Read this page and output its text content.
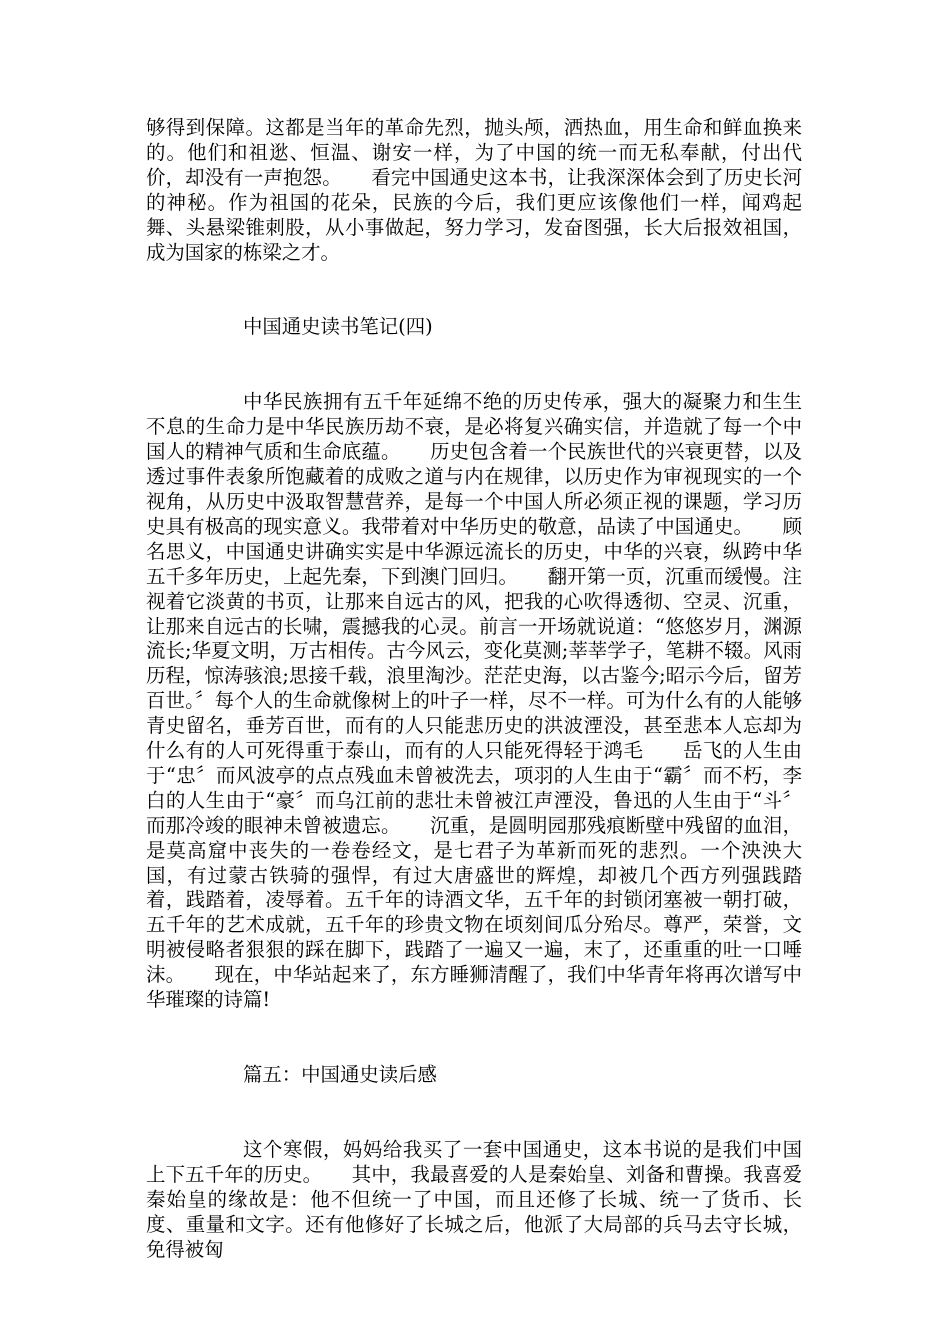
够得到保障。这都是当年的革命先烈，抛头颅，洒热血，用生命和鲜血换来的。他们和祖逖、恒温、谢安一样，为了中国的统一而无私奉献，付出代价，却没有一声抱怨。　　看完中国通史这本书，让我深深体会到了历史长河的神秘。作为祖国的花朵，民族的今后，我们更应该像他们一样，闻鸡起舞、头悬梁锥刺股，从小事做起，努力学习，发奋图强，长大后报效祖国，成为国家的栋梁之才。

中国通史读书笔记(四)

中华民族拥有五千年延绵不绝的历史传承，强大的凝聚力和生生不息的生命力是中华民族历劫不衰，是必将复兴确实信，并造就了每一个中国人的精神气质和生命底蕴。　　历史包含着一个民族世代的兴衰更替，以及透过事件表象所饱藏着的成败之道与内在规律，以历史作为审视现实的一个视角，从历史中汲取智慧营养，是每一个中国人所必须正视的课题，学习历史具有极高的现实意义。我带着对中华历史的敬意，品读了中国通史。　　顾名思义，中国通史讲确实实是中华源远流长的历史，中华的兴衰，纵跨中华五千多年历史，上起先秦，下到澳门回归。　　翻开第一页，沉重而缓慢。注视着它淡黄的书页，让那来自远古的风，把我的心吹得透彻、空灵、沉重，让那来自远古的长啸，震撼我的心灵。前言一开场就说道：“悠悠岁月，渊源流长;华夏文明，万古相传。古今风云，变化莫测;莘莘学子，笔耕不辍。风雨历程，惊涛骇浪;思接千载，浪里淘沙。茫茫史海，以古鉴今;昭示今后，留芳百世。〞每个人的生命就像树上的叶子一样，尽不一样。可为什么有的人能够青史留名，垂芳百世，而有的人只能悲历史的洪波湮没，甚至悲本人忘却为什么有的人可死得重于泰山，而有的人只能死得轻于鸿毛　　岳飞的人生由于“忠〞而风波亭的点点残血未曾被洗去，项羽的人生由于“霸〞而不朽，李白的人生由于“豪〞而乌江前的悲壮未曾被江声湮没，鲁迅的人生由于“斗〞而那冷竣的眼神未曾被遗忘。　　沉重，是圆明园那残痕断壁中残留的血泪，是莫高窟中丧失的一卷卷经文，是七君子为革新而死的悲烈。一个泱泱大国，有过蒙古铁骑的强悍，有过大唐盛世的辉煌，却被几个西方列强践踏着，践踏着，凌辱着。五千年的诗酒文华，五千年的封锁闭塞被一朝打破，五千年的艺术成就，五千年的珍贵文物在顷刻间瓜分殆尽。尊严，荣誉，文明被侵略者狠狠的踩在脚下，践踏了一遍又一遍，末了，还重重的吐一口唾沫。　　现在，中华站起来了，东方睡狮清醒了，我们中华青年将再次谱写中华璀璨的诗篇!

篇五：中国通史读后感

这个寒假，妈妈给我买了一套中国通史，这本书说的是我们中国上下五千年的历史。　　其中，我最喜爱的人是秦始皇、刘备和曹操。我喜爱秦始皇的缘故是：他不但统一了中国，而且还修了长城、统一了货币、长度、重量和文字。还有他修好了长城之后，他派了大局部的兵马去守长城，免得被匈
